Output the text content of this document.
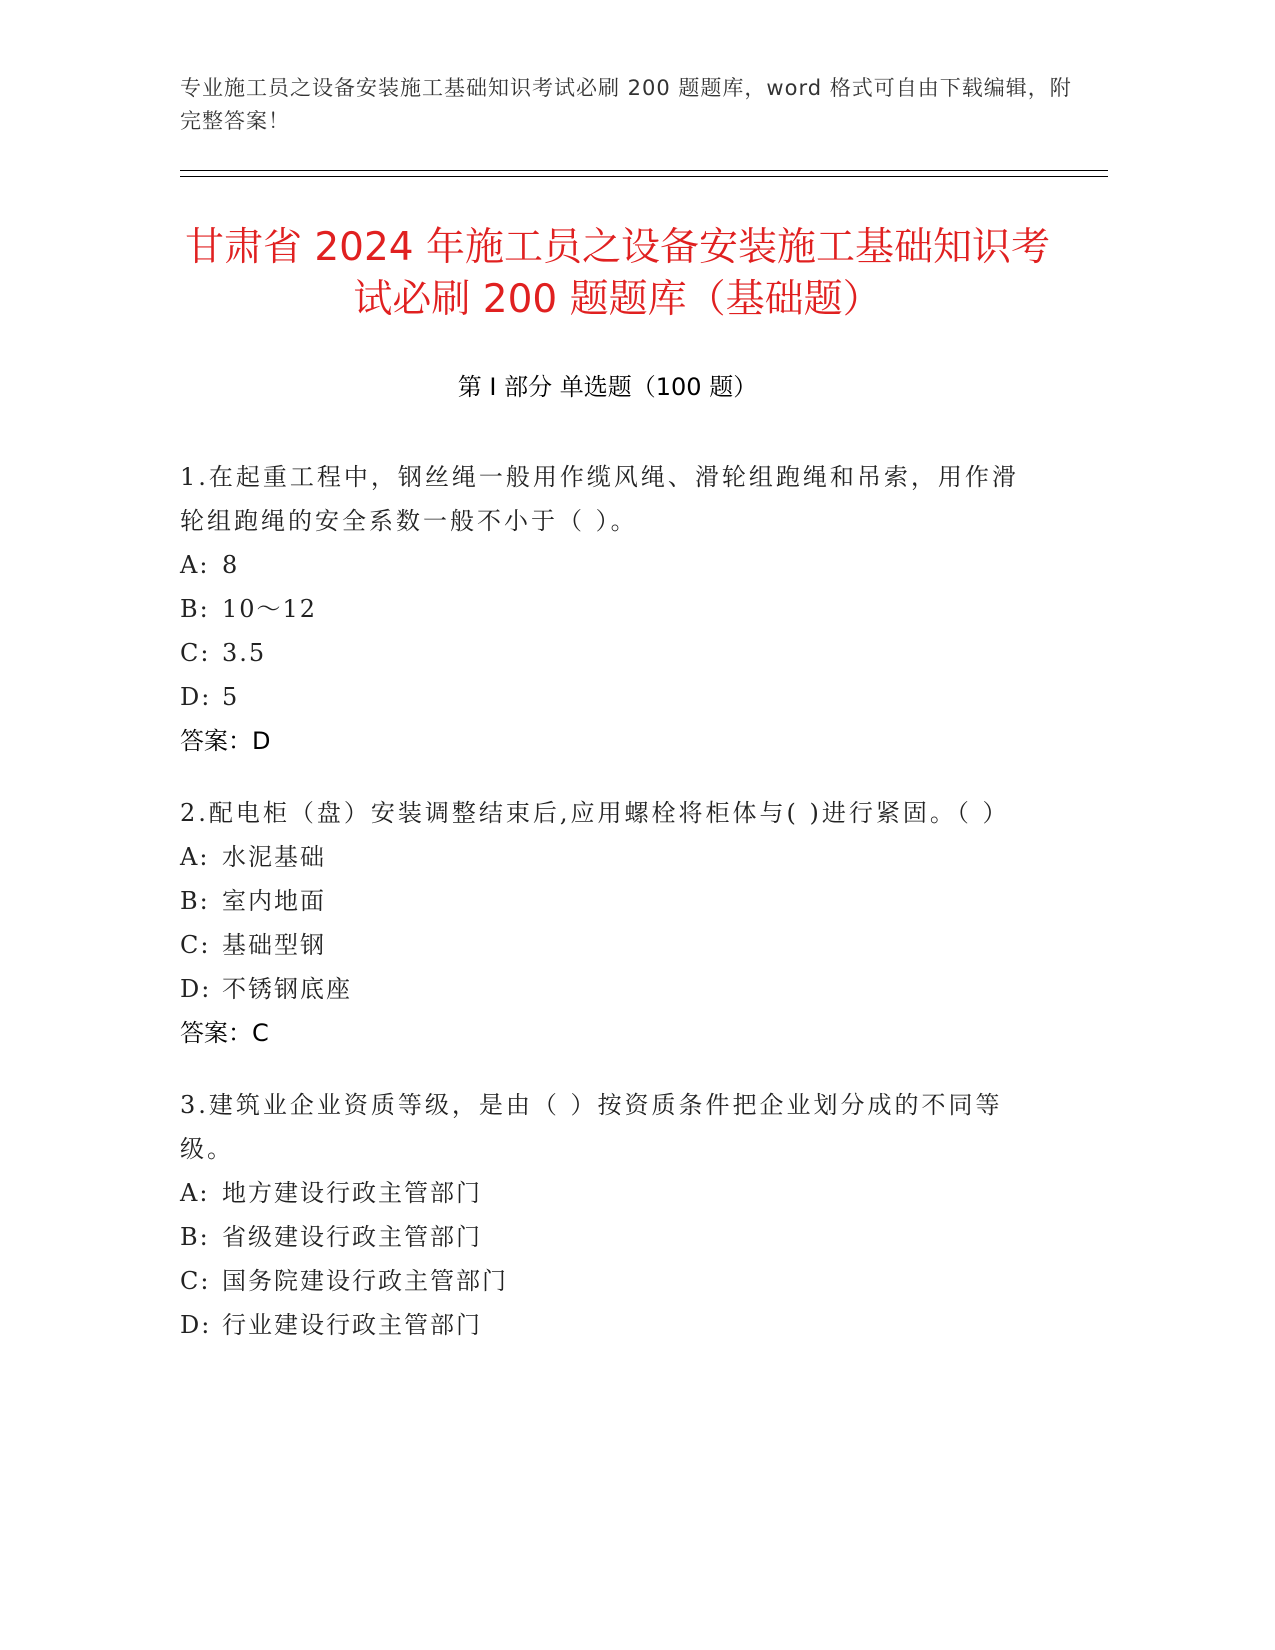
专业施工员之设备安装施工基础知识考试必刷 200 题题库，word 格式可自由下载编辑，附完整答案！
甘肃省 2024 年施工员之设备安装施工基础知识考试必刷 200 题题库（基础题）
第 I 部分 单选题（100 题）
1.在起重工程中，钢丝绳一般用作缆风绳、滑轮组跑绳和吊索，用作滑轮组跑绳的安全系数一般不小于（ ）。
A: 8
B: 10～12
C: 3.5
D: 5
答案：D
2.配电柜（盘）安装调整结束后,应用螺栓将柜体与( )进行紧固。（ ）
A: 水泥基础
B: 室内地面
C: 基础型钢
D: 不锈钢底座
答案：C
3.建筑业企业资质等级，是由（ ）按资质条件把企业划分成的不同等级。
A: 地方建设行政主管部门
B: 省级建设行政主管部门
C: 国务院建设行政主管部门
D: 行业建设行政主管部门
